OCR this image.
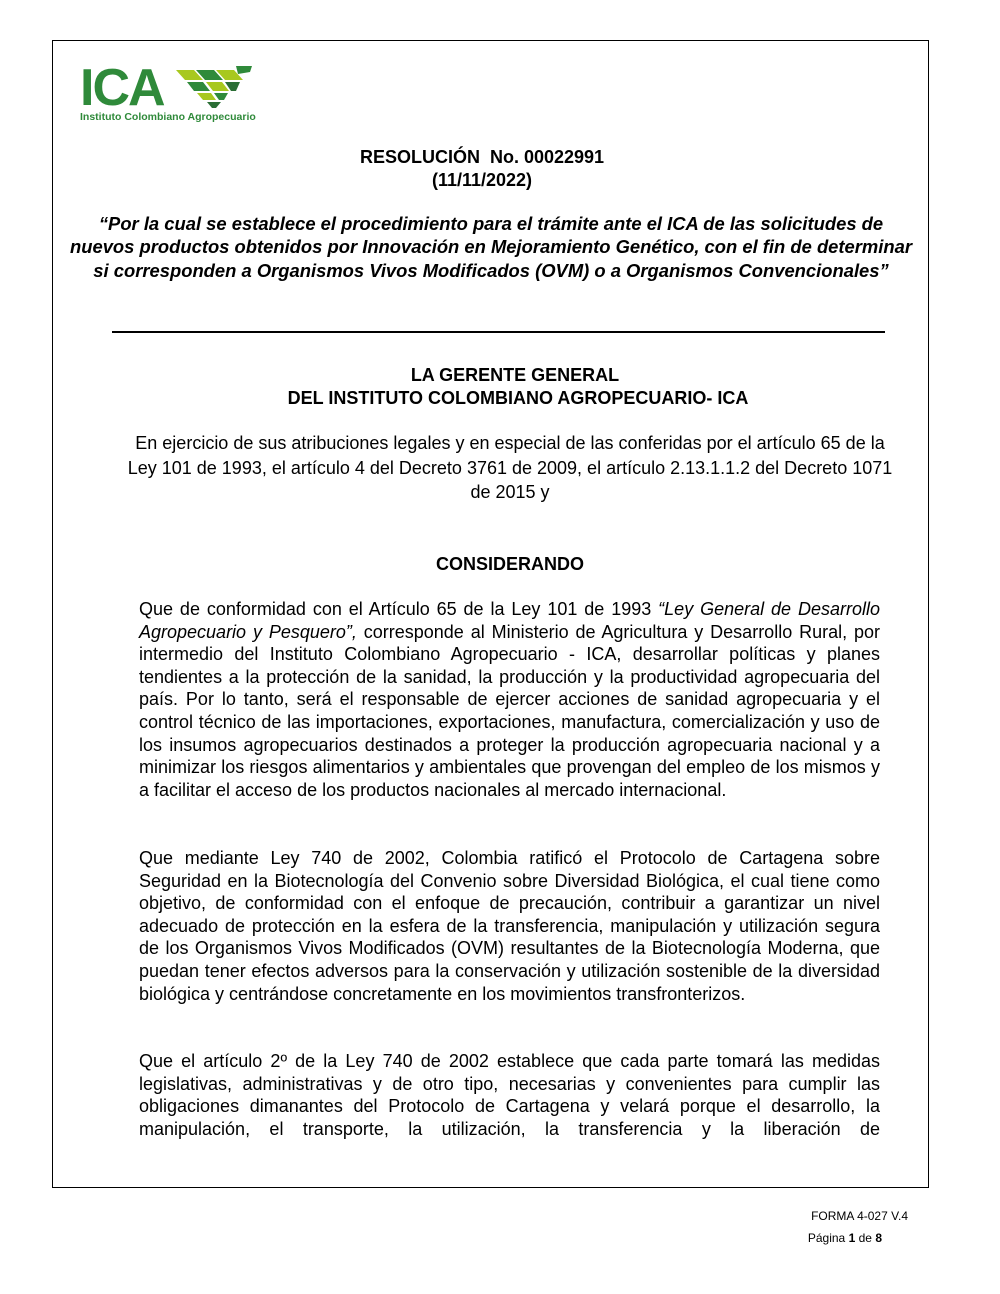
ICA
Instituto Colombiano Agropecuario
RESOLUCIÓN  No. 00022991
(11/11/2022)
“Por la cual se establece el procedimiento para el trámite ante el ICA de las solicitudes de nuevos productos obtenidos por Innovación en Mejoramiento Genético, con el fin de determinar si corresponden a Organismos Vivos Modificados (OVM) o a Organismos Convencionales”
LA GERENTE GENERAL
DEL INSTITUTO COLOMBIANO AGROPECUARIO- ICA
En ejercicio de sus atribuciones legales y en especial de las conferidas por el artículo 65 de la Ley 101 de 1993, el artículo 4 del Decreto 3761 de 2009, el artículo 2.13.1.1.2 del Decreto 1071 de 2015 y
CONSIDERANDO
Que de conformidad con el Artículo 65 de la Ley 101 de 1993 “Ley General de Desarrollo Agropecuario y Pesquero”, corresponde al Ministerio de Agricultura y Desarrollo Rural, por intermedio del Instituto Colombiano Agropecuario - ICA, desarrollar políticas y planes tendientes a la protección de la sanidad, la producción y la productividad agropecuaria del país. Por lo tanto, será el responsable de ejercer acciones de sanidad agropecuaria y el control técnico de las importaciones, exportaciones, manufactura, comercialización y uso de los insumos agropecuarios destinados a proteger la producción agropecuaria nacional y a minimizar los riesgos alimentarios y ambientales que provengan del empleo de los mismos y a facilitar el acceso de los productos nacionales al mercado internacional.
Que mediante Ley 740 de 2002, Colombia ratificó el Protocolo de Cartagena sobre Seguridad en la Biotecnología del Convenio sobre Diversidad Biológica, el cual tiene como objetivo, de conformidad con el enfoque de precaución, contribuir a garantizar un nivel adecuado de protección en la esfera de la transferencia, manipulación y utilización segura de los Organismos Vivos Modificados (OVM) resultantes de la Biotecnología Moderna, que puedan tener efectos adversos para la conservación y utilización sostenible de la diversidad biológica y centrándose concretamente en los movimientos transfronterizos.
Que el artículo 2º de la Ley 740 de 2002 establece que cada parte tomará las medidas legislativas, administrativas y de otro tipo, necesarias y convenientes para cumplir las obligaciones dimanantes del Protocolo de Cartagena y velará porque el desarrollo, la manipulación, el transporte, la utilización, la transferencia y la liberación de
FORMA 4-027 V.4
Página 1 de 8
